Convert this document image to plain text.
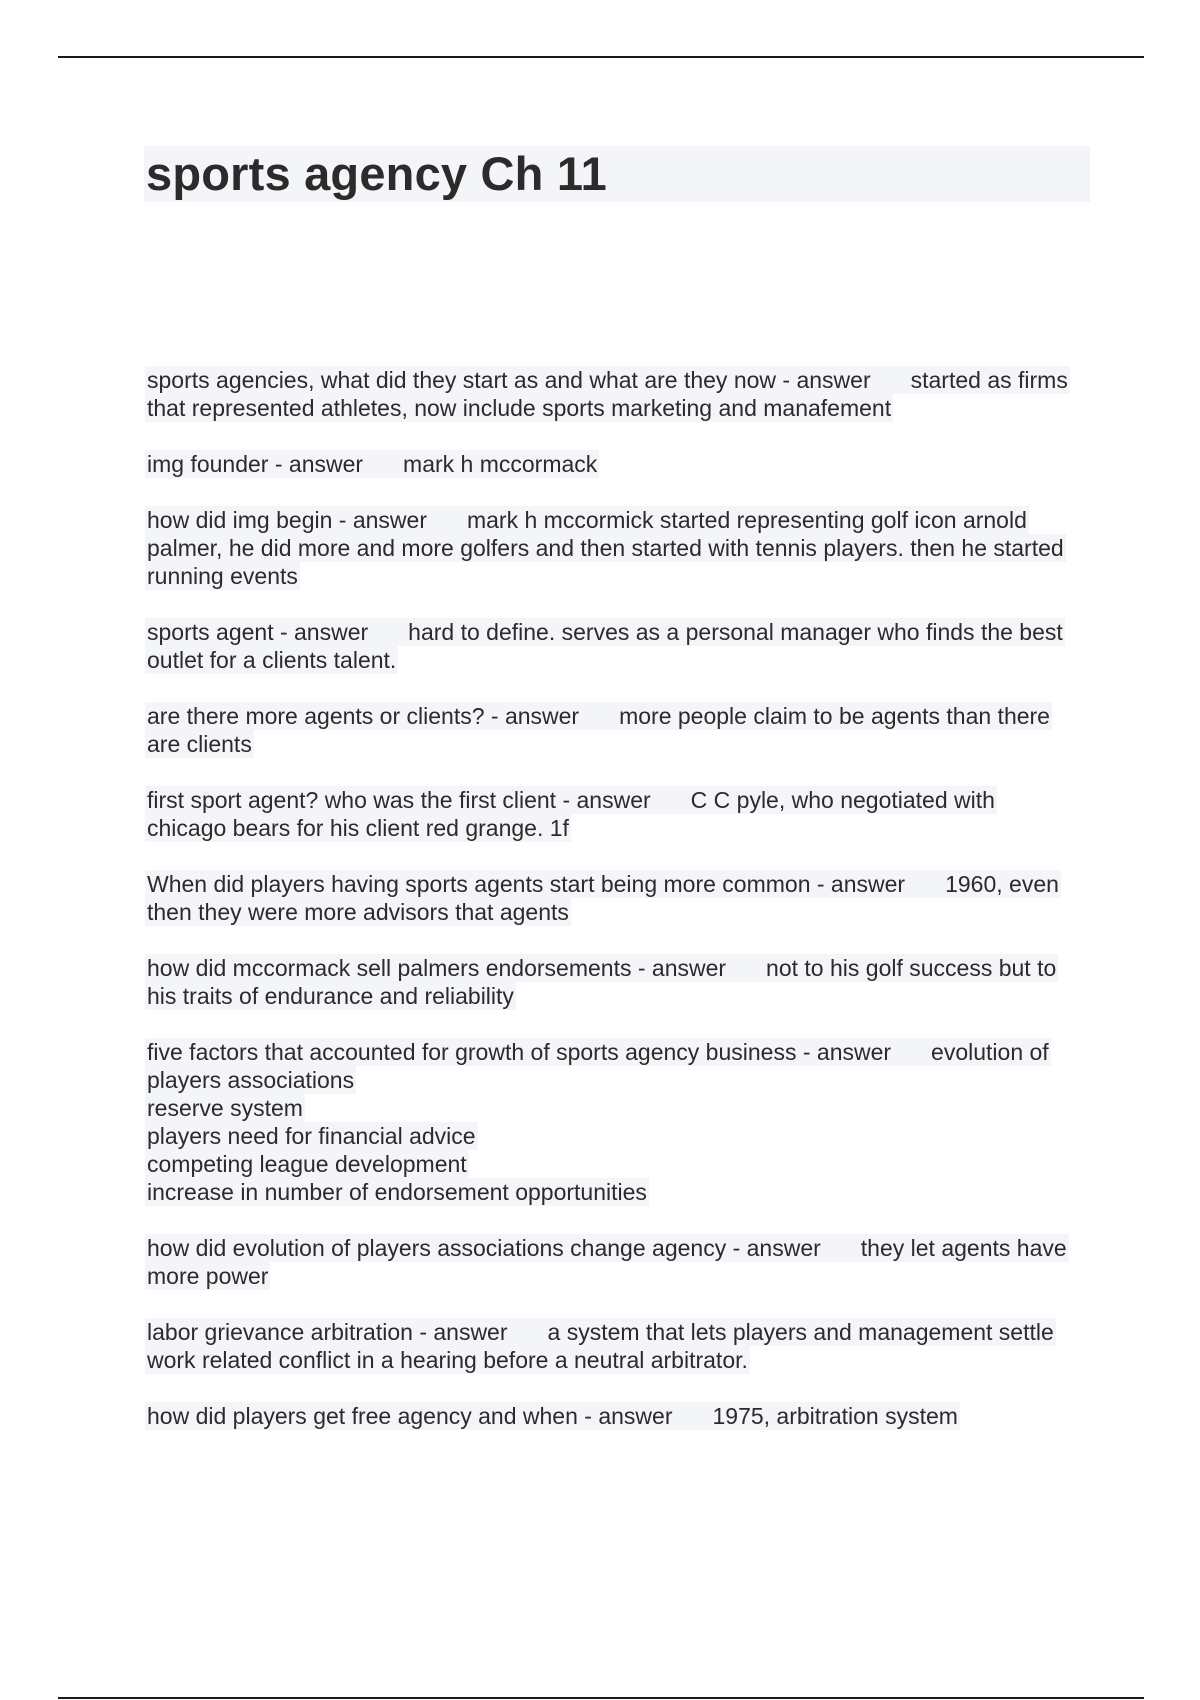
sports agency Ch 11

sports agencies, what did they start as and what are they now - answer started as firms that represented athletes, now include sports marketing and manafement

img founder - answer mark h mccormack

how did img begin - answer mark h mccormick started representing golf icon arnold palmer, he did more and more golfers and then started with tennis players. then he started running events

sports agent - answer hard to define. serves as a personal manager who finds the best outlet for a clients talent.

are there more agents or clients? - answer more people claim to be agents than there are clients

first sport agent? who was the first client - answer C C pyle, who negotiated with chicago bears for his client red grange. 1f

When did players having sports agents start being more common - answer 1960, even then they were more advisors that agents

how did mccormack sell palmers endorsements - answer not to his golf success but to his traits of endurance and reliability

five factors that accounted for growth of sports agency business - answer evolution of players associations
reserve system
players need for financial advice
competing league development
increase in number of endorsement opportunities

how did evolution of players associations change agency - answer they let agents have more power

labor grievance arbitration - answer a system that lets players and management settle work related conflict in a hearing before a neutral arbitrator.

how did players get free agency and when - answer 1975, arbitration system
